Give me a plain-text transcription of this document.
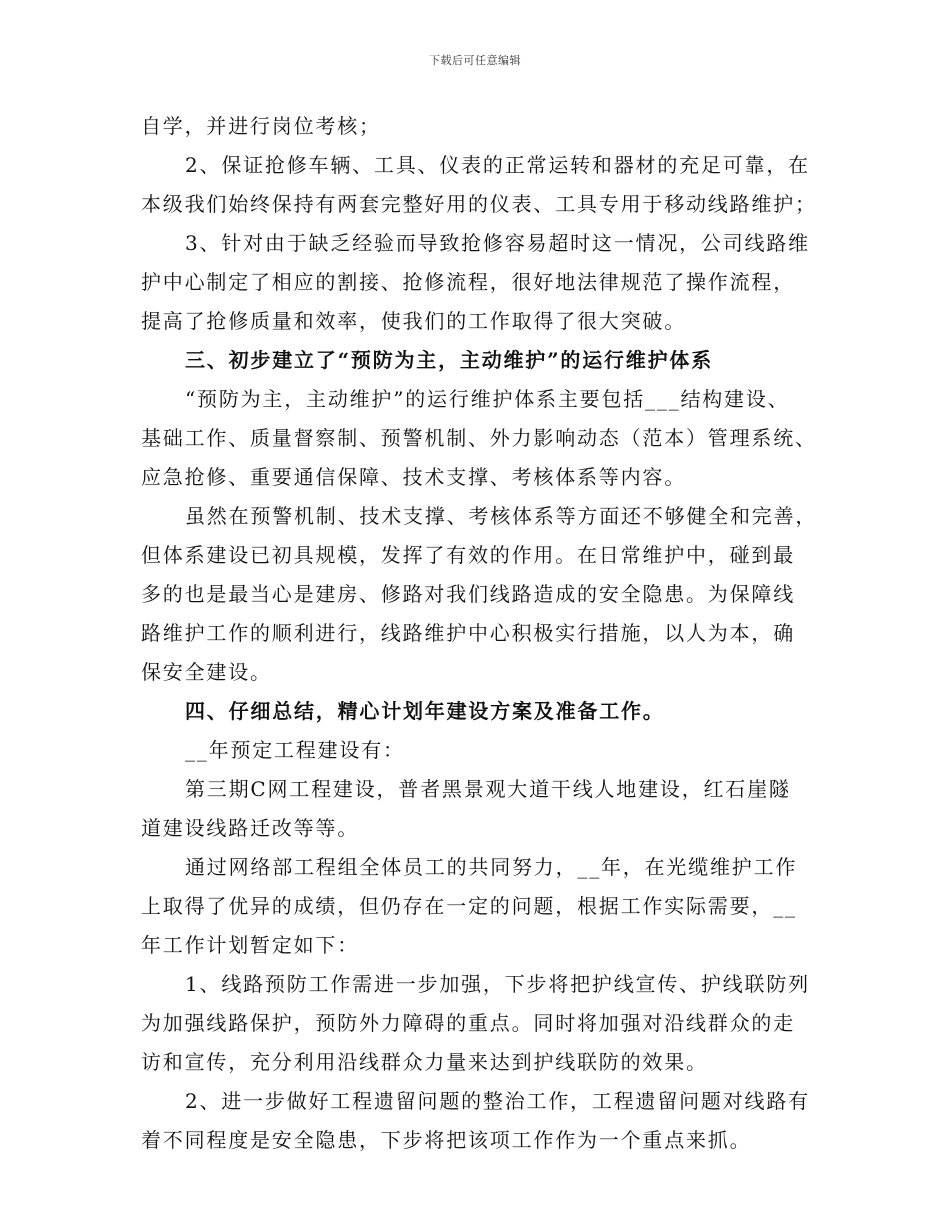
下载后可任意编辑
自学，并进行岗位考核；
2、保证抢修车辆、工具、仪表的正常运转和器材的充足可靠，在
本级我们始终保持有两套完整好用的仪表、工具专用于移动线路维护；
3、针对由于缺乏经验而导致抢修容易超时这一情况，公司线路维
护中心制定了相应的割接、抢修流程，很好地法律规范了操作流程，
提高了抢修质量和效率，使我们的工作取得了很大突破。
三、初步建立了“预防为主，主动维护”的运行维护体系
“预防为主，主动维护”的运行维护体系主要包括___结构建设、
基础工作、质量督察制、预警机制、外力影响动态（范本）管理系统、
应急抢修、重要通信保障、技术支撑、考核体系等内容。
虽然在预警机制、技术支撑、考核体系等方面还不够健全和完善，
但体系建设已初具规模，发挥了有效的作用。在日常维护中，碰到最
多的也是最当心是建房、修路对我们线路造成的安全隐患。为保障线
路维护工作的顺利进行，线路维护中心积极实行措施，以人为本，确
保安全建设。
四、仔细总结，精心计划年建设方案及准备工作。
__年预定工程建设有：
第三期C网工程建设，普者黑景观大道干线人地建设，红石崖隧
道建设线路迁改等等。
通过网络部工程组全体员工的共同努力，__年，在光缆维护工作
上取得了优异的成绩，但仍存在一定的问题，根据工作实际需要，__
年工作计划暂定如下：
1、线路预防工作需进一步加强，下步将把护线宣传、护线联防列
为加强线路保护，预防外力障碍的重点。同时将加强对沿线群众的走
访和宣传，充分利用沿线群众力量来达到护线联防的效果。
2、进一步做好工程遗留问题的整治工作，工程遗留问题对线路有
着不同程度是安全隐患，下步将把该项工作作为一个重点来抓。
